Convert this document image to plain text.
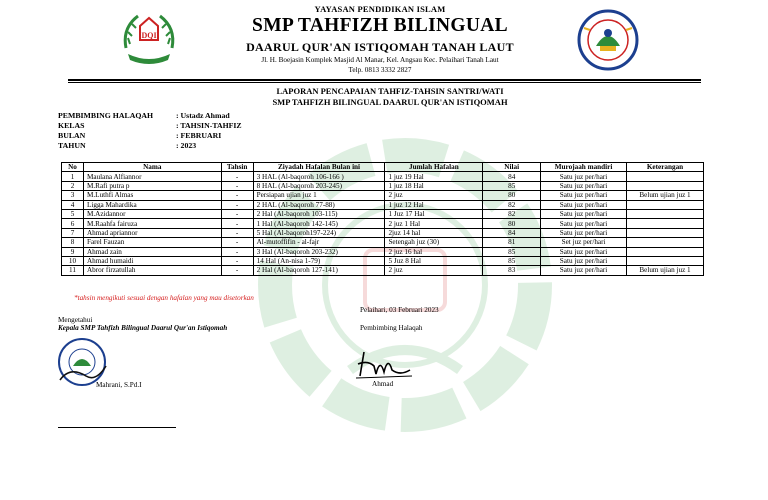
DQI
YAYASAN PENDIDIKAN ISLAM
SMP TAHFIZH BILINGUAL
DAARUL QUR'AN ISTIQOMAH TANAH LAUT
Jl. H. Boejasin Komplek Masjid Al Manar, Kel. Angsau Kec. Pelaihari Tanah Laut
Telp. 0813 3332 2827
LAPORAN PENCAPAIAN TAHFIZ-TAHSIN SANTRI/WATI
SMP TAHFIZH BILINGUAL DAARUL QUR'AN ISTIQOMAH
PEMBIMBING HALAQAH	: Ustadz Ahmad
KELAS	: TAHSIN-TAHFIZ
BULAN	: FEBRUARI
TAHUN	: 2023
No	Nama	Tahsin	Ziyadah Hafalan Bulan ini	Jumlah Hafalan	Nilai	Murojaah mandiri	Keterangan
1	Maulana Alfiannor	-	3 HAL (Al-baqoroh 106-166 )	1 juz 19 Hal	84	Satu juz per/hari	
2	M.Rafi putra p	-	8 HAL (Al-baqoroh 203-245)	1 juz 18 Hal	85	Satu juz per/hari	
3	M.Luthfi Almas	-	Persiapan ujian juz 1	2 juz	80	Satu juz per/hari	Belum ujian juz 1
4	Ligga Mahardika	-	2 HAL (Al-baqoroh 77-88)	1 juz 12 Hal	82	Satu juz per/hari	
5	M.Azidannor	-	2 Hal (Al-baqoroh 103-115)	1 Juz 17 Hal	82	Satu juz per/hari	
6	M.Raahfa fairuza	-	1 Hal (Al-baqoroh 142-145)	2 juz 1 Hal	80	Satu juz per/hari	
7	Ahmad apriannor	-	5 Hal (Al-baqoroh197-224)	2juz 14 hal	84	Satu juz per/hari	
8	Farel Fauzan	-	Al-mutoffifin - al-fajr	Setengah juz (30)	81	Set juz per/hari	
9	Ahmad zain	-	3 Hal (Al-baqoroh 203-232)	2 juz 16 hal	85	Satu juz per/hari	
10	Ahmad humaidi	-	14 Hal (An-nisa 1-79)	5 Juz 8 Hal	85	Satu juz per/hari	
11	Abror firzatullah	-	2 Hal (Al-baqoroh 127-141)	2 juz	83	Satu juz per/hari	Belum ujian juz 1
*tahsin mengikuti sesuai dengan hafalan yang mau disetorkan
Pelaihari, 03 Februari 2023
Mengetahui
Kepala SMP Tahfizh Bilingual Daarul Qur'an Istiqomah	Pembimbing Halaqah
Mahrani, S.Pd.I	Ahmad
